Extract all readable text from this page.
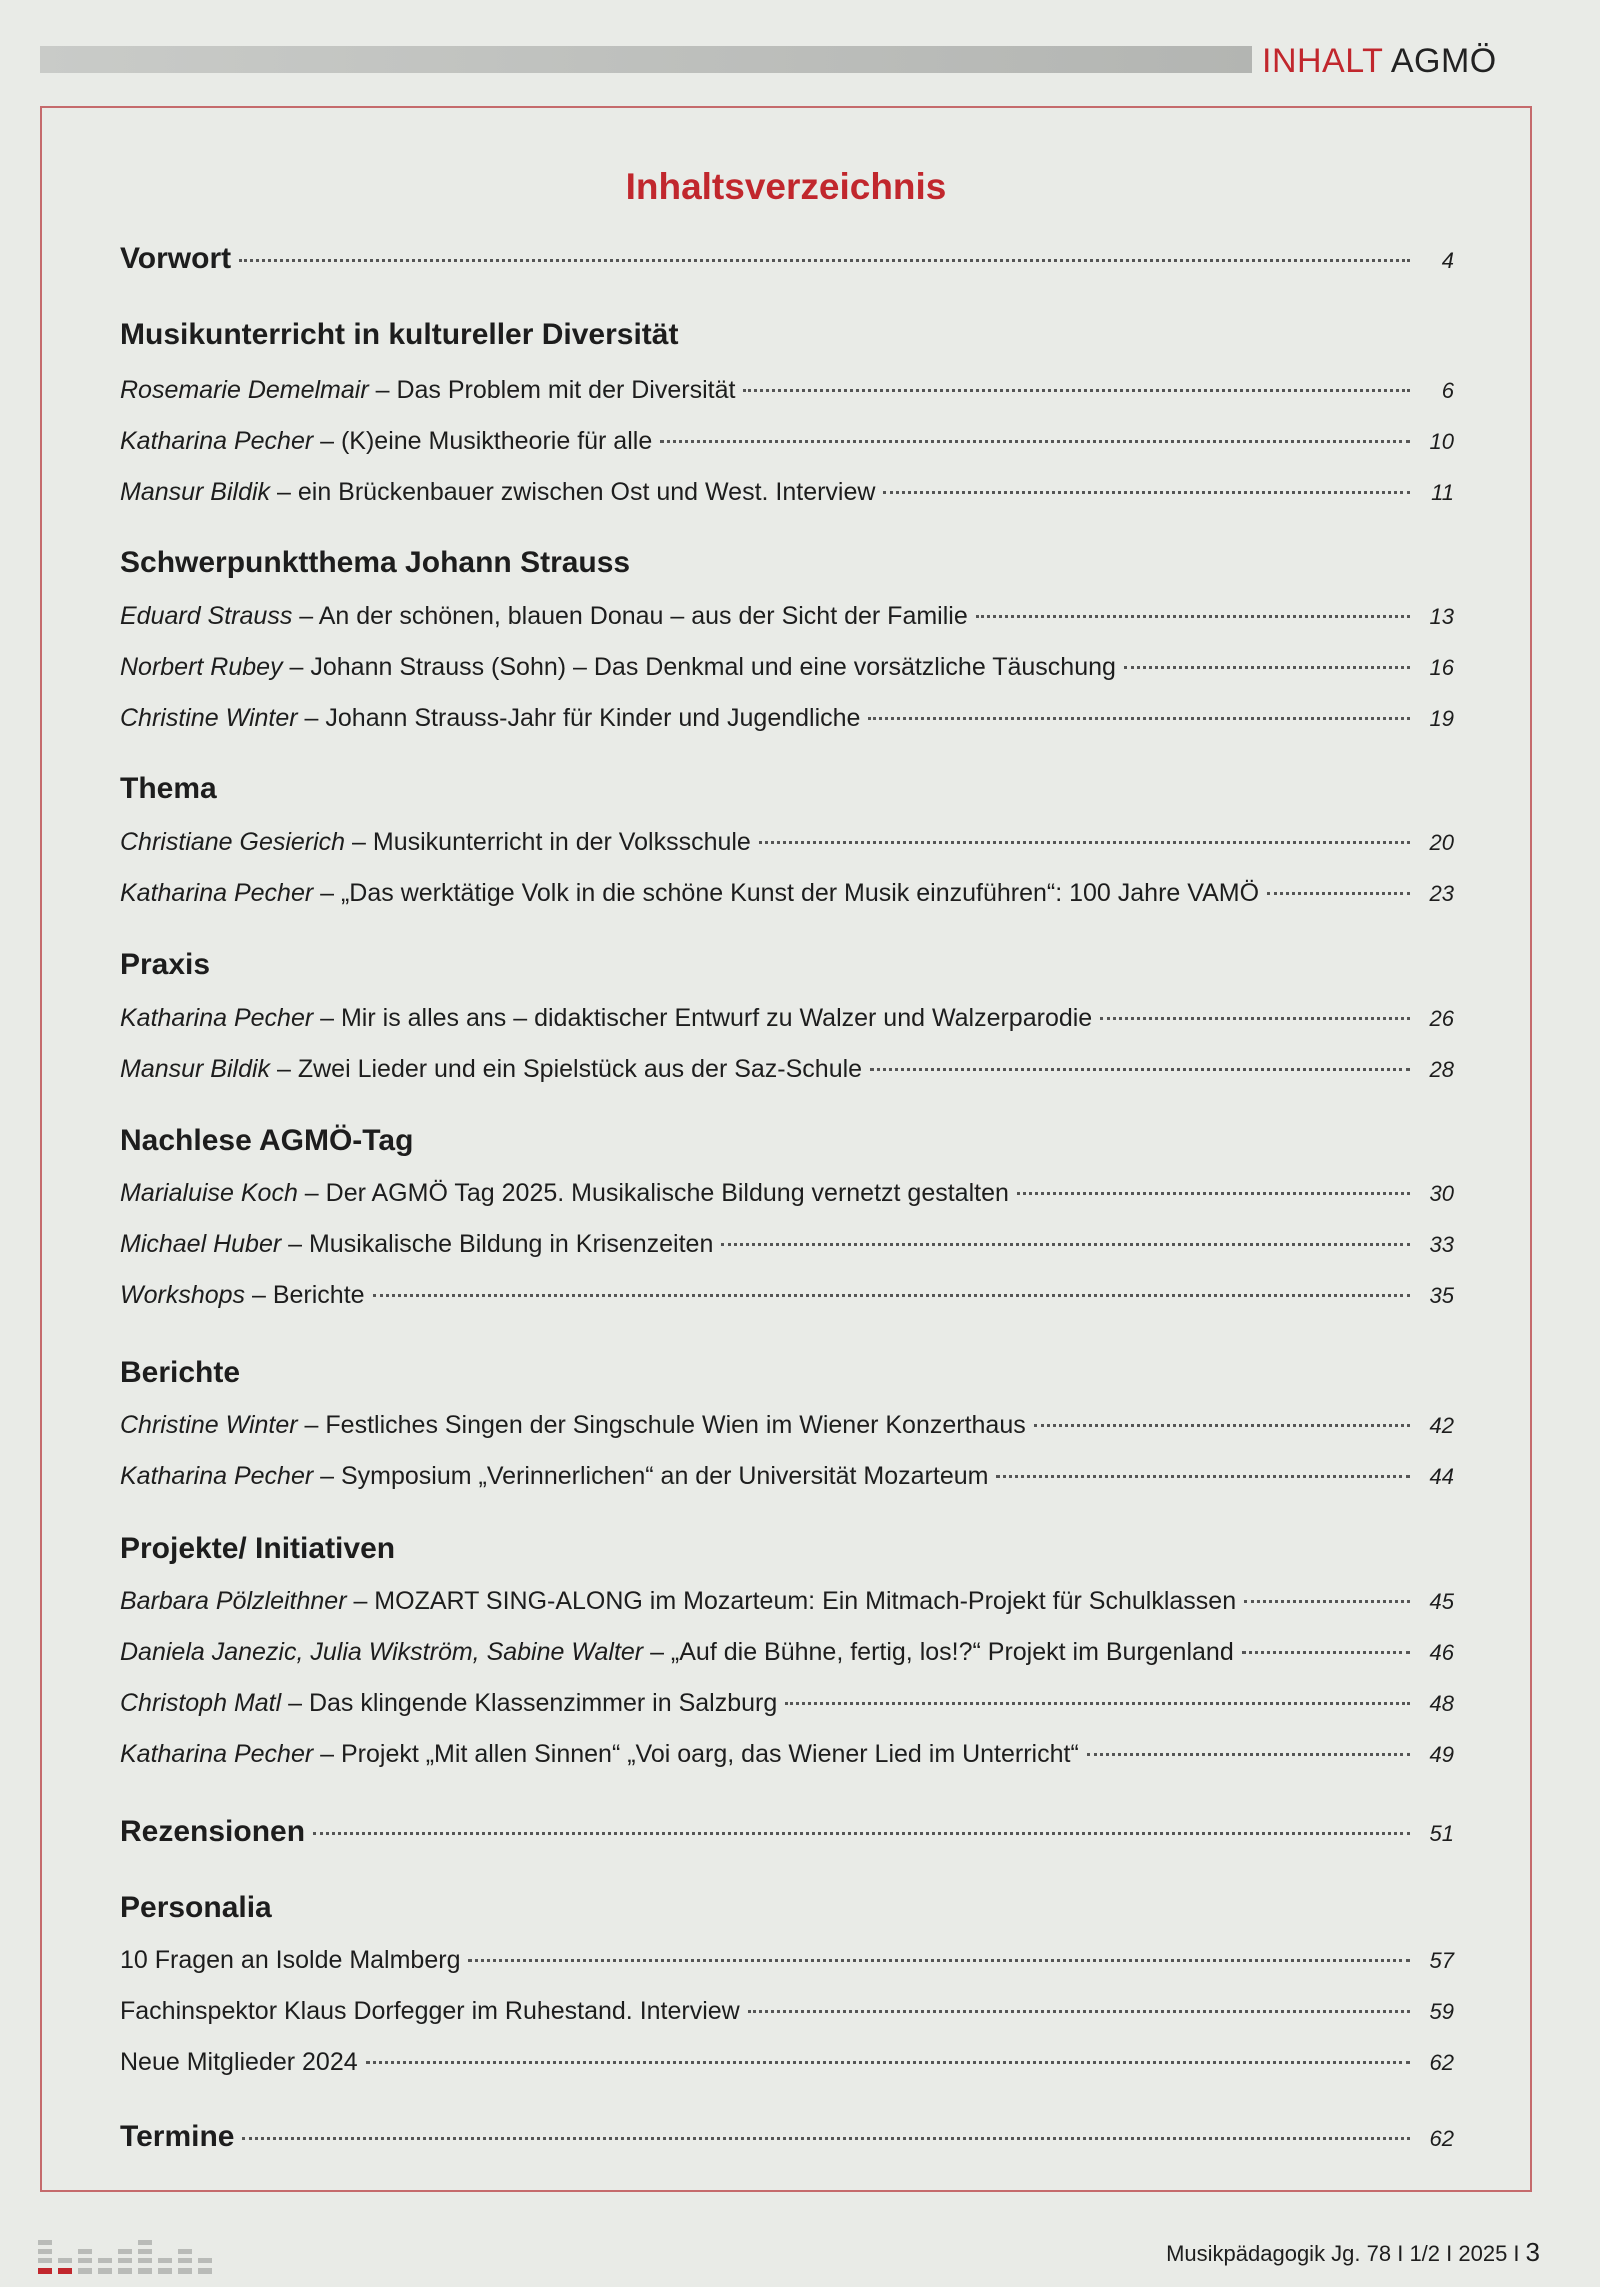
INHALT AGMÖ
Inhaltsverzeichnis
Vorwort	4
Musikunterricht in kultureller Diversität
Rosemarie Demelmair – Das Problem mit der Diversität	6
Katharina Pecher – (K)eine Musiktheorie für alle	10
Mansur Bildik – ein Brückenbauer zwischen Ost und West. Interview	11
Schwerpunktthema Johann Strauss
Eduard Strauss – An der schönen, blauen Donau – aus der Sicht der Familie	13
Norbert Rubey – Johann Strauss (Sohn) – Das Denkmal und eine vorsätzliche Täuschung	16
Christine Winter – Johann Strauss-Jahr für Kinder und Jugendliche	19
Thema
Christiane Gesierich – Musikunterricht in der Volksschule	20
Katharina Pecher – „Das werktätige Volk in die schöne Kunst der Musik einzuführen“: 100 Jahre VAMÖ	23
Praxis
Katharina Pecher – Mir is alles ans – didaktischer Entwurf zu Walzer und Walzerparodie	26
Mansur Bildik – Zwei Lieder und ein Spielstück aus der Saz-Schule	28
Nachlese AGMÖ-Tag
Marialuise Koch – Der AGMÖ Tag 2025. Musikalische Bildung vernetzt gestalten	30
Michael Huber – Musikalische Bildung in Krisenzeiten	33
Workshops – Berichte	35
Berichte
Christine Winter – Festliches Singen der Singschule Wien im Wiener Konzerthaus	42
Katharina Pecher – Symposium „Verinnerlichen“ an der Universität Mozarteum	44
Projekte/ Initiativen
Barbara Pölzleithner – MOZART SING-ALONG im Mozarteum: Ein Mitmach-Projekt für Schulklassen	45
Daniela Janezic, Julia Wikström, Sabine Walter – „Auf die Bühne, fertig, los!?“ Projekt im Burgenland	46
Christoph Matl – Das klingende Klassenzimmer in Salzburg	48
Katharina Pecher – Projekt „Mit allen Sinnen“ „Voi oarg, das Wiener Lied im Unterricht“	49
Rezensionen	51
Personalia
10 Fragen an Isolde Malmberg	57
Fachinspektor Klaus Dorfegger im Ruhestand. Interview	59
Neue Mitglieder 2024	62
Termine	62
Musikpädagogik Jg. 78 I 1/2 I 2025 I 3
